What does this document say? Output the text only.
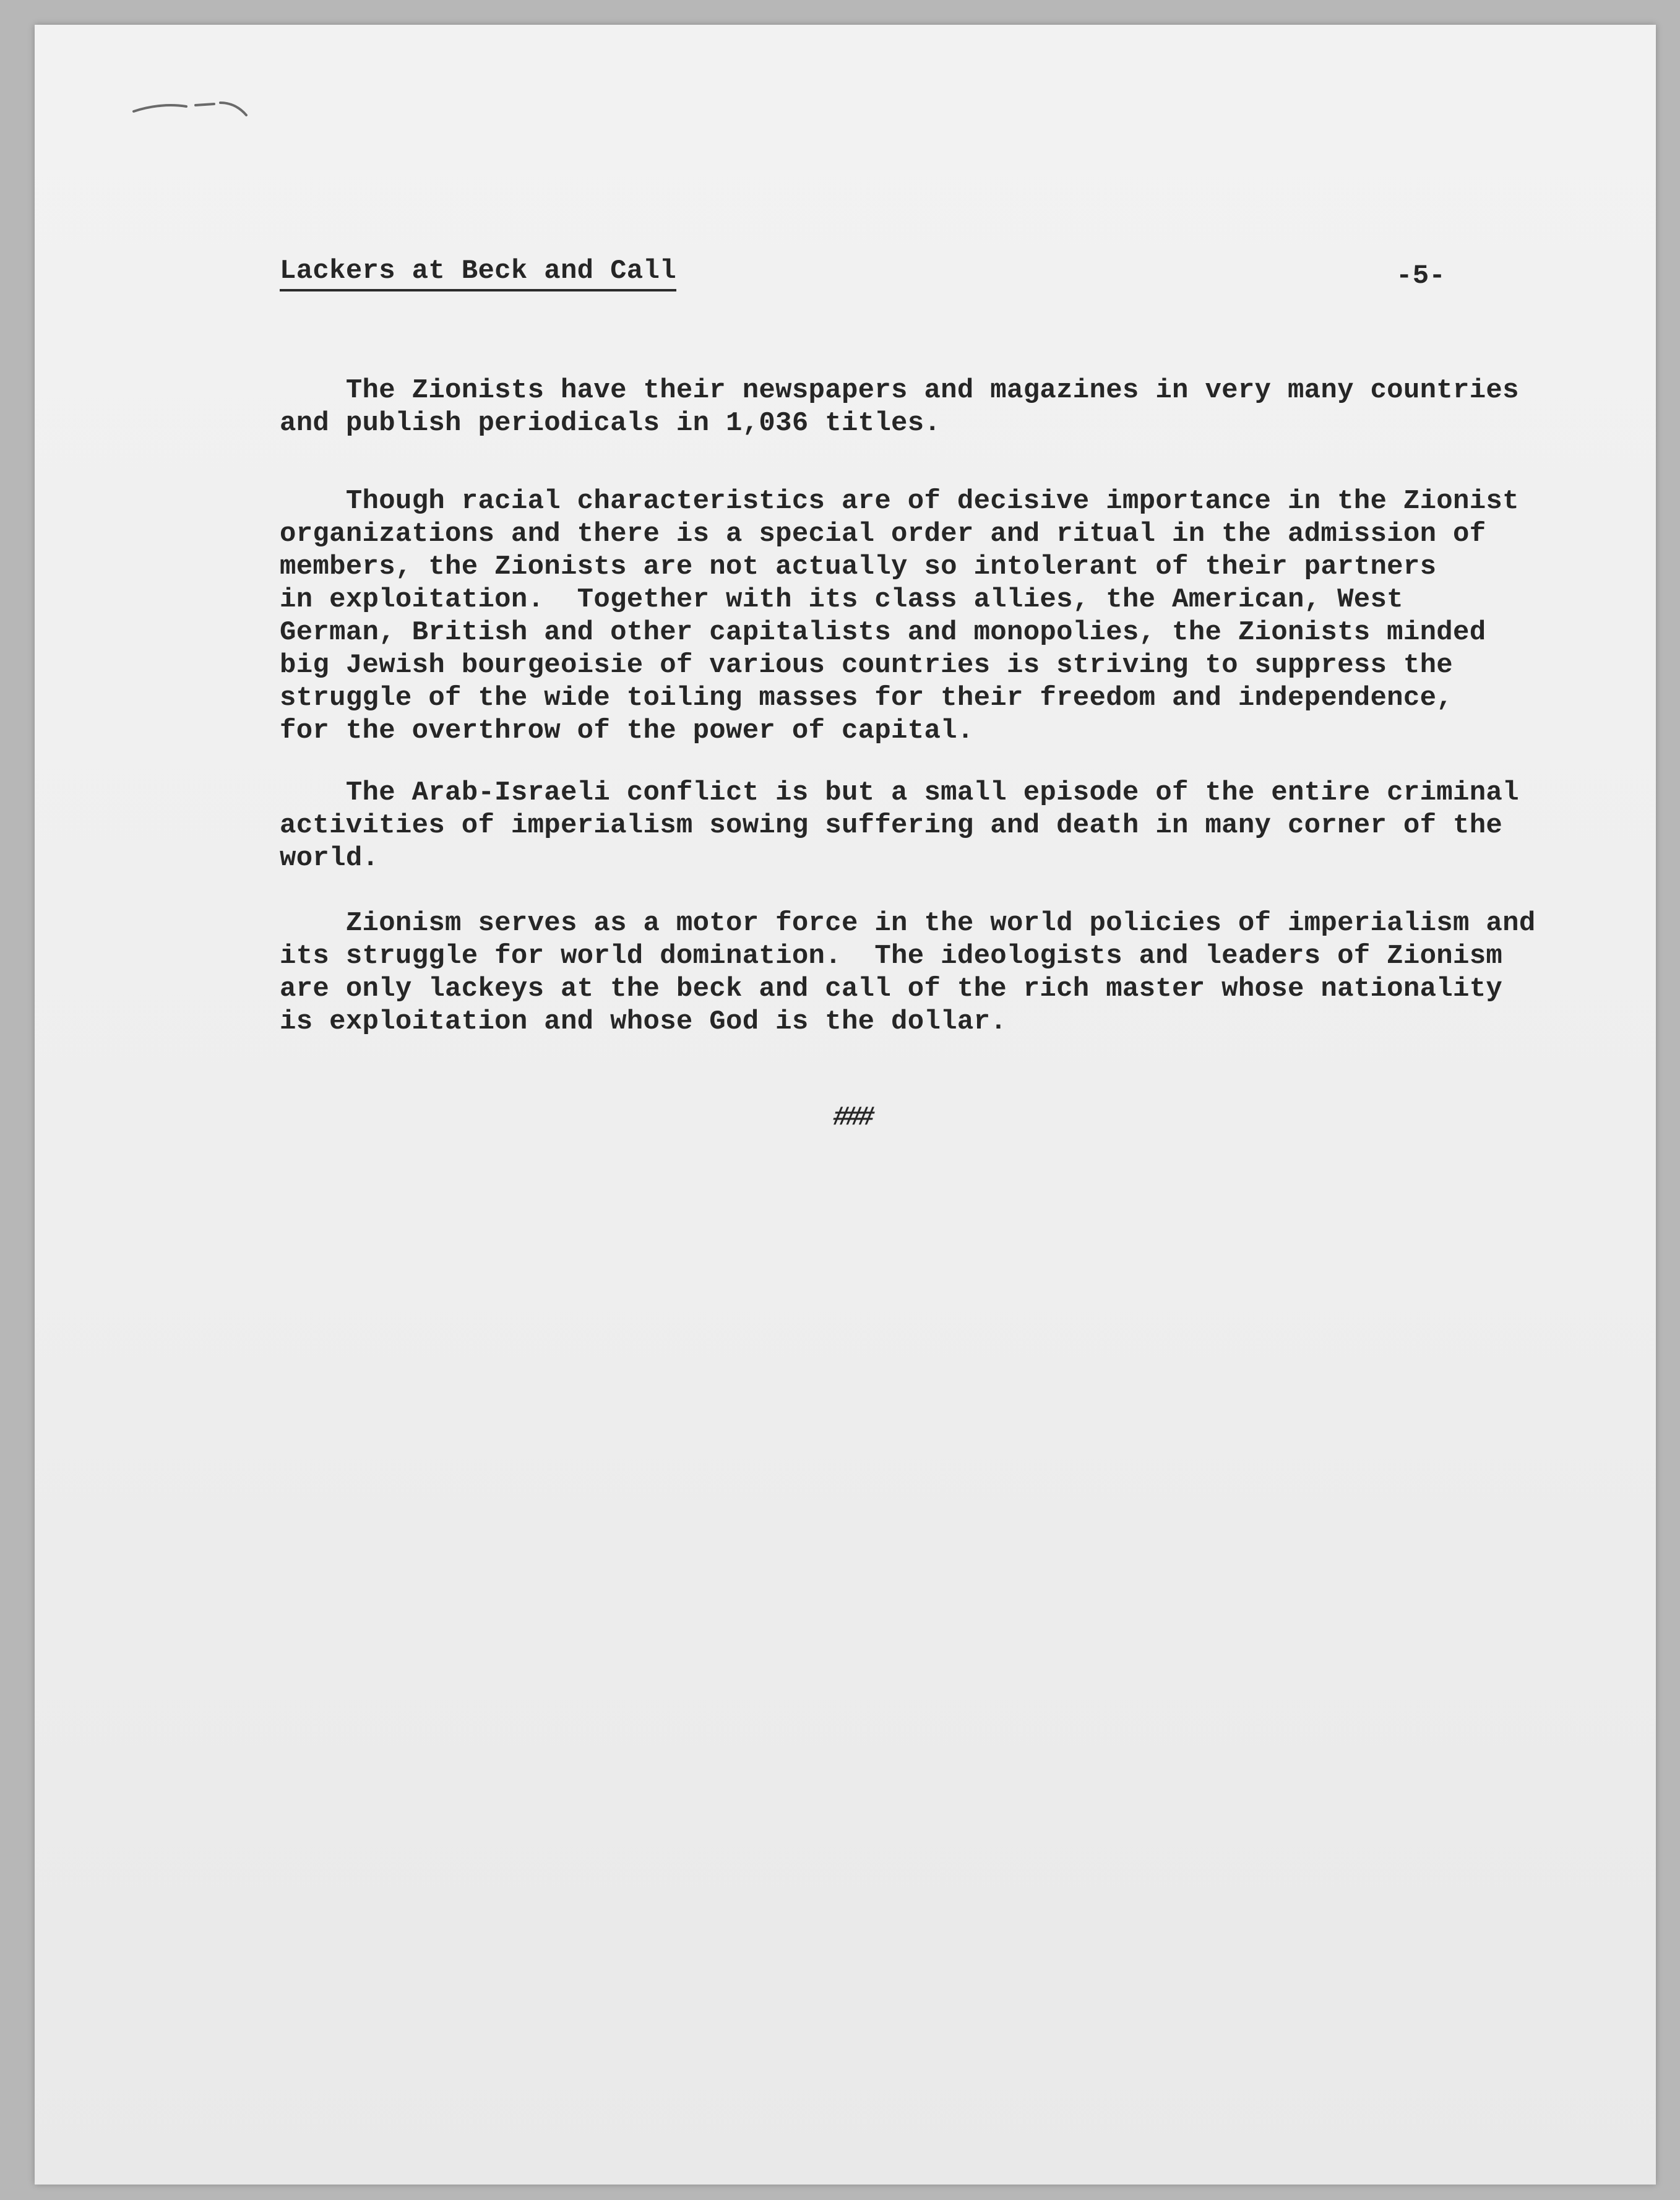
Lackers at Beck and Call	-5-
The Zionists have their newspapers and magazines in very many countries
and publish periodicals in 1,036 titles.
Though racial characteristics are of decisive importance in the Zionist
organizations and there is a special order and ritual in the admission of
members, the Zionists are not actually so intolerant of their partners
in exploitation.  Together with its class allies, the American, West
German, British and other capitalists and monopolies, the Zionists minded
big Jewish bourgeoisie of various countries is striving to suppress the
struggle of the wide toiling masses for their freedom and independence,
for the overthrow of the power of capital.
The Arab-Israeli conflict is but a small episode of the entire criminal
activities of imperialism sowing suffering and death in many corner of the
world.
Zionism serves as a motor force in the world policies of imperialism and
its struggle for world domination.  The ideologists and leaders of Zionism
are only lackeys at the beck and call of the rich master whose nationality
is exploitation and whose God is the dollar.
###
